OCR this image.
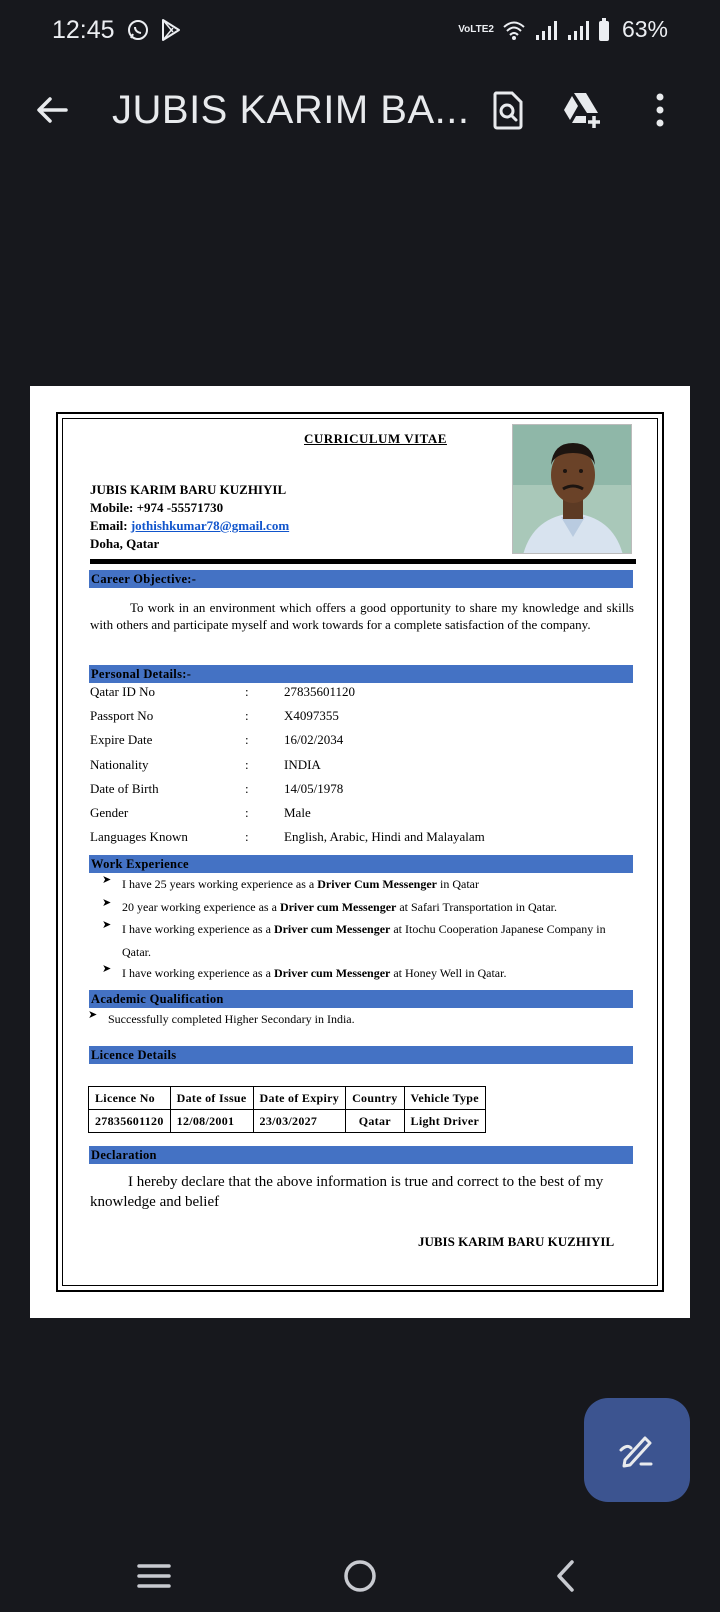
12:45	VoLTE2	63%
JUBIS KARIM BA...
CURRICULUM VITAE
JUBIS KARIM BARU KUZHIYIL
Mobile: +974 -55571730
Email: jothishkumar78@gmail.com
Doha, Qatar
Career Objective:-
To work in an environment which offers a good opportunity to share my knowledge and skills with others and participate myself and work towards for a complete satisfaction of the company.
Personal Details:-
Qatar ID No	:	27835601120
Passport No	:	X4097355
Expire Date	:	16/02/2034
Nationality	:	INDIA
Date of Birth	:	14/05/1978
Gender	:	Male
Languages Known	:	English, Arabic, Hindi and Malayalam
Work Experience
➤ I have 25 years working experience as a Driver Cum Messenger in Qatar
➤ 20 year working experience as a Driver cum Messenger at Safari Transportation in Qatar.
➤ I have working experience as a Driver cum Messenger at Itochu Cooperation Japanese Company in Qatar.
➤ I have working experience as a Driver cum Messenger at Honey Well in Qatar.
Academic Qualification
➤ Successfully completed Higher Secondary in India.
Licence Details
Licence No	Date of Issue	Date of Expiry	Country	Vehicle Type
27835601120	12/08/2001	23/03/2027	Qatar	Light Driver
Declaration
I hereby declare that the above information is true and correct to the best of my knowledge and belief
JUBIS KARIM BARU KUZHIYIL
